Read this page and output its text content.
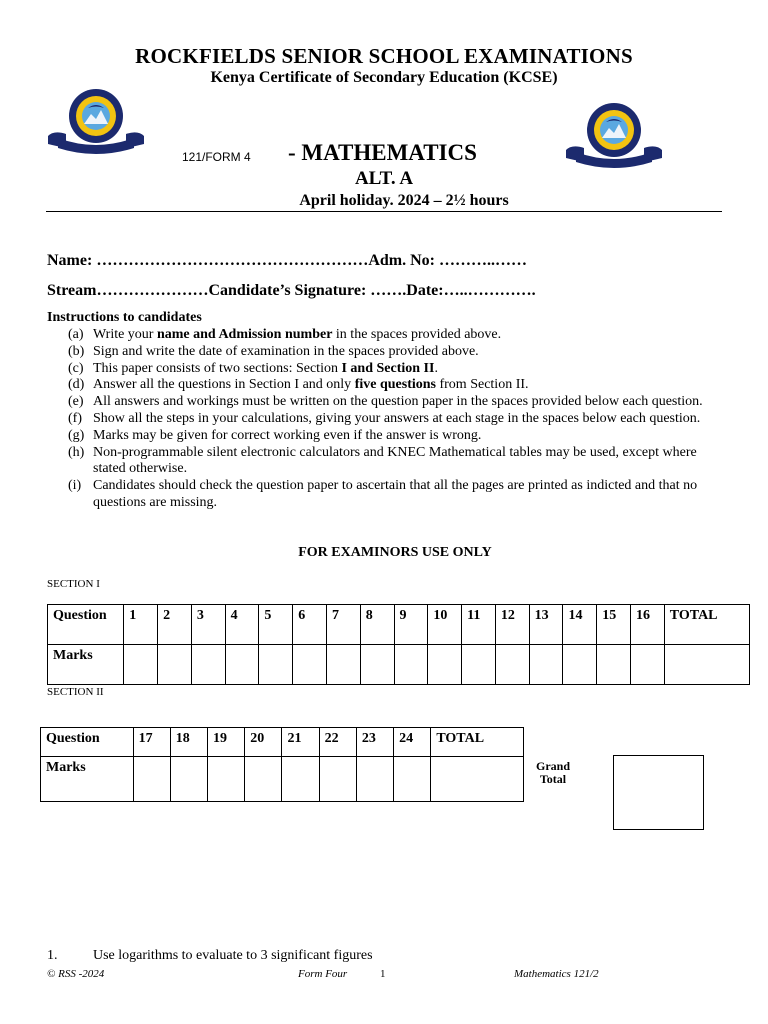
ROCKFIELDS SENIOR SCHOOL EXAMINATIONS
Kenya Certificate of Secondary Education (KCSE)
121/FORM 4 - MATHEMATICS
ALT. A
April holiday. 2024 – 2½ hours
Name: ……………………………………………Adm. No: ………..……
Stream…………………Candidate’s Signature: …….Date:…..………….
Instructions to candidates
(a) Write your name and Admission number in the spaces provided above.
(b) Sign and write the date of examination in the spaces provided above.
(c) This paper consists of two sections: Section I and Section II.
(d) Answer all the questions in Section I and only five questions from Section II.
(e) All answers and workings must be written on the question paper in the spaces provided below each question.
(f) Show all the steps in your calculations, giving your answers at each stage in the spaces below each question.
(g) Marks may be given for correct working even if the answer is wrong.
(h) Non-programmable silent electronic calculators and KNEC Mathematical tables may be used, except where stated otherwise.
(i) Candidates should check the question paper to ascertain that all the pages are printed as indicted and that no questions are missing.
FOR EXAMINORS USE ONLY
SECTION I
Question	1	2	3	4	5	6	7	8	9	10	11	12	13	14	15	16	TOTAL
Marks																	
SECTION II
Question	17	18	19	20	21	22	23	24	TOTAL
Marks										Grand
Total
1.	Use logarithms to evaluate to 3 significant figures
© RSS -2024	Form Four	1	Mathematics 121/2
